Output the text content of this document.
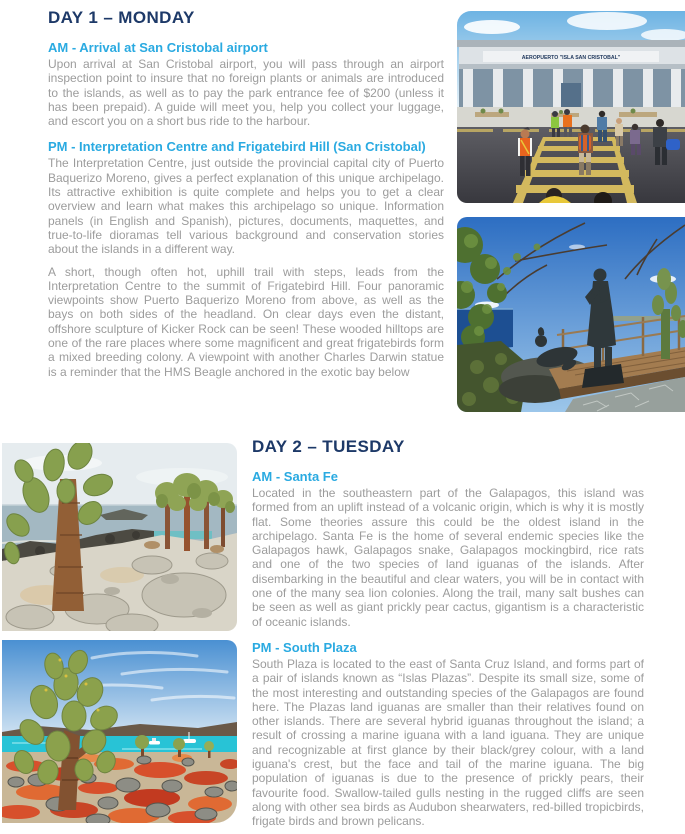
DAY 1 – MONDAY
AM - Arrival at San Cristobal airport

Upon arrival at San Cristobal airport, you will pass through an airport inspection point to insure that no foreign plants or animals are introduced to the islands, as well as to pay the park entrance fee of $200 (unless it has been prepaid). A guide will meet you, help you collect your luggage, and escort you on a short bus ride to the harbour.

PM - Interpretation Centre and Frigatebird Hill (San Cristobal)

The Interpretation Centre, just outside the provincial capital city of Puerto Baquerizo Moreno, gives a perfect explanation of this unique archipelago. Its attractive exhibition is quite complete and helps you to get a clear overview and learn what makes this archipelago so unique. Information panels (in English and Spanish), pictures, documents, maquettes, and true-to-life dioramas tell various background and conservation stories about the islands in a different way.

A short, though often hot, uphill trail with steps, leads from the Interpretation Centre to the summit of Frigatebird Hill. Four panoramic viewpoints show Puerto Baquerizo Moreno from above, as well as the bays on both sides of the headland. On clear days even the distant, offshore sculpture of Kicker Rock can be seen! These wooded hilltops are one of the rare places where some magnificent and great frigatebirds form a mixed breeding colony. A viewpoint with another Charles Darwin statue is a reminder that the HMS Beagle anchored in the exotic bay below

AEROPUERTO "ISLA SAN CRISTOBAL"
DAY 2 – TUESDAY
AM - Santa Fe

Located in the southeastern part of the Galapagos, this island was formed from an uplift instead of a volcanic origin, which is why it is mostly flat. Some theories assure this could be the oldest island in the archipelago. Santa Fe is the home of several endemic species like the Galapagos hawk, Galapagos snake, Galapagos mockingbird, rice rats and one of the two species of land iguanas of the islands. After disembarking in the beautiful and clear waters, you will be in contact with one of the many sea lion colonies. Along the trail, many salt bushes can be seen as well as giant prickly pear cactus, gigantism is a characteristic of oceanic islands.

PM - South Plaza

South Plaza is located to the east of Santa Cruz Island, and forms part of a pair of islands known as “Islas Plazas”. Despite its small size, some of the most interesting and outstanding species of the Galapagos are found here. The Plazas land iguanas are smaller than their relatives found on other islands. There are several hybrid iguanas throughout the island; a result of crossing a marine iguana with a land iguana. They are unique and recognizable at first glance by their black/grey colour, with a land iguana's crest, but the face and tail of the marine iguana. The big population of iguanas is due to the presence of prickly pears, their favourite food. Swallow-tailed gulls nesting in the rugged cliffs are seen along with other sea birds as Audubon shearwaters, red-billed tropicbirds, frigate birds and brown pelicans.
